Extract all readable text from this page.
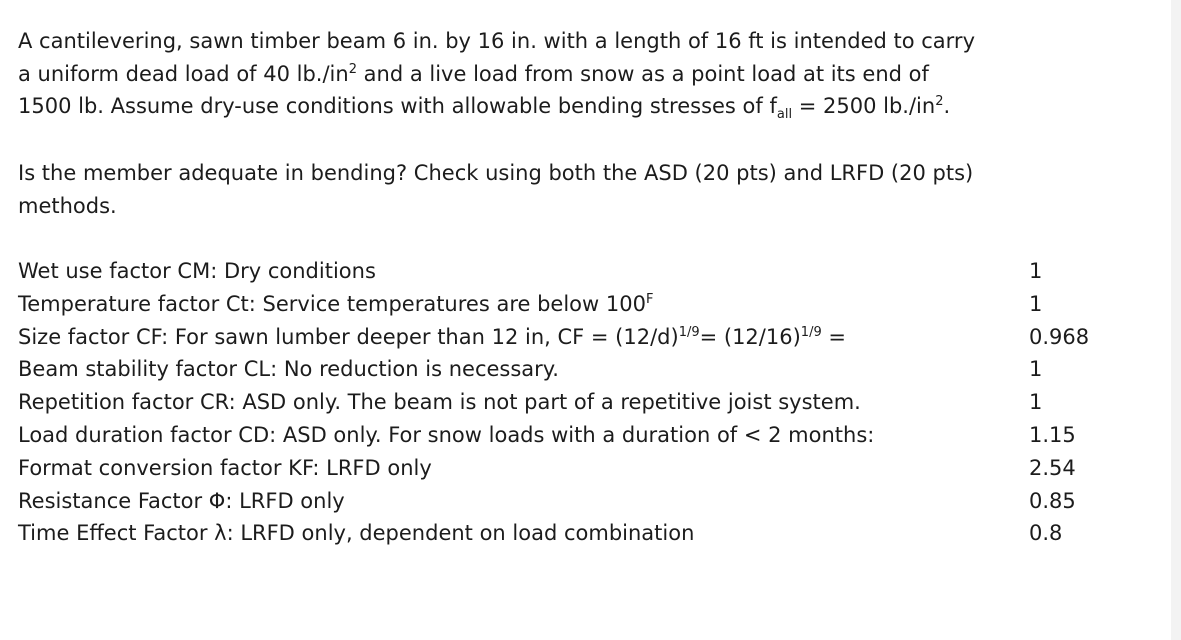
A cantilevering, sawn timber beam 6 in. by 16 in. with a length of 16 ft is intended to carry
a uniform dead load of 40 $lb./in^2$ and a live load from snow as a point load at its end of
1500 lb. Assume dry-use conditions with allowable bending stresses of $f_{all} = 2500$ $lb./in^2$.
Is the member adequate in bending? Check using both the ASD (20 pts) and LRFD (20 pts)
methods.
Wet use factor CM: Dry conditions	1
Temperature factor Ct: Service temperatures are below $100^F$	1
Size factor CF: For sawn lumber deeper than 12 in, CF = $(12/d)^{1/9}= (12/16)^{1/9}$ =	0.968
Beam stability factor CL: No reduction is necessary.	1
Repetition factor CR: ASD only. The beam is not part of a repetitive joist system.	1
Load duration factor CD: ASD only. For snow loads with a duration of < 2 months:	1.15
Format conversion factor KF: LRFD only	2.54
Resistance Factor Φ: LRFD only	0.85
Time Effect Factor λ: LRFD only, dependent on load combination	0.8
